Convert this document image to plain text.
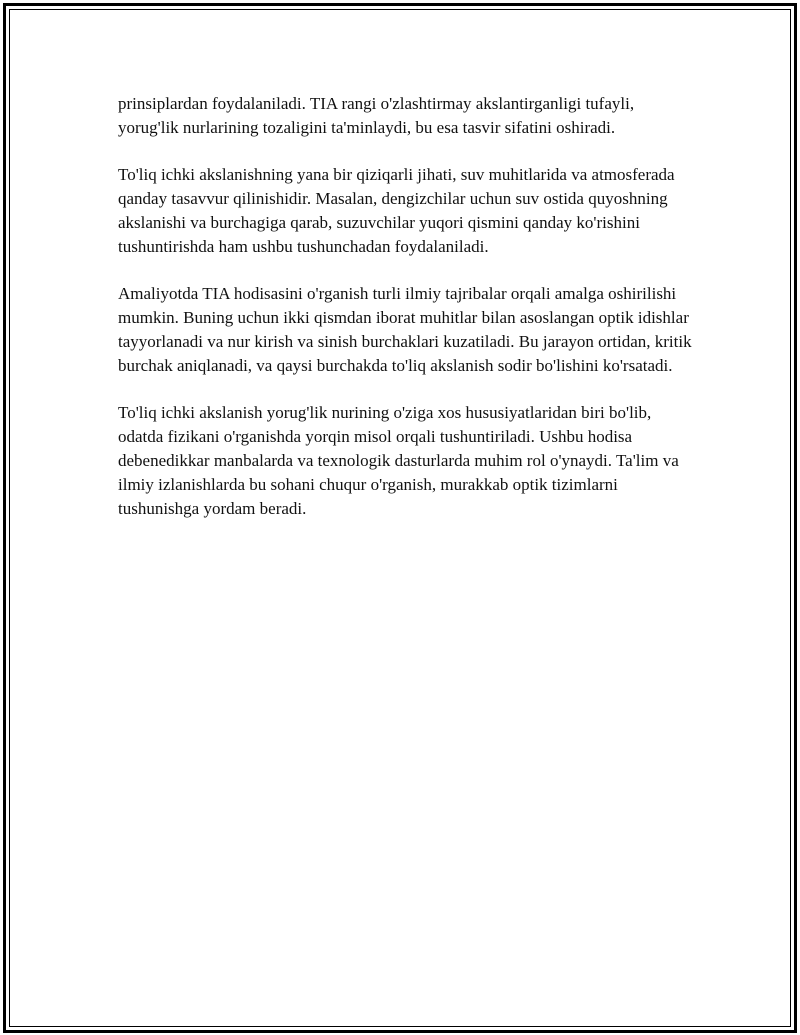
prinsiplardan foydalaniladi. TIA rangi o'zlashtirmay akslantirganligi tufayli, yorug'lik nurlarining tozaligini ta'minlaydi, bu esa tasvir sifatini oshiradi.

To'liq ichki akslanishning yana bir qiziqarli jihati, suv muhitlarida va atmosferada qanday tasavvur qilinishidir. Masalan, dengizchilar uchun suv ostida quyoshning akslanishi va burchagiga qarab, suzuvchilar yuqori qismini qanday ko'rishini tushuntirishda ham ushbu tushunchadan foydalaniladi.

Amaliyotda TIA hodisasini o'rganish turli ilmiy tajribalar orqali amalga oshirilishi mumkin. Buning uchun ikki qismdan iborat muhitlar bilan asoslangan optik idishlar tayyorlanadi va nur kirish va sinish burchaklari kuzatiladi. Bu jarayon ortidan, kritik burchak aniqlanadi, va qaysi burchakda to'liq akslanish sodir bo'lishini ko'rsatadi.

To'liq ichki akslanish yorug'lik nurining o'ziga xos hususiyatlaridan biri bo'lib, odatda fizikani o'rganishda yorqin misol orqali tushuntiriladi. Ushbu hodisa debenedikkar manbalarda va texnologik dasturlarda muhim rol o'ynaydi. Ta'lim va ilmiy izlanishlarda bu sohani chuqur o'rganish, murakkab optik tizimlarni tushunishga yordam beradi.
